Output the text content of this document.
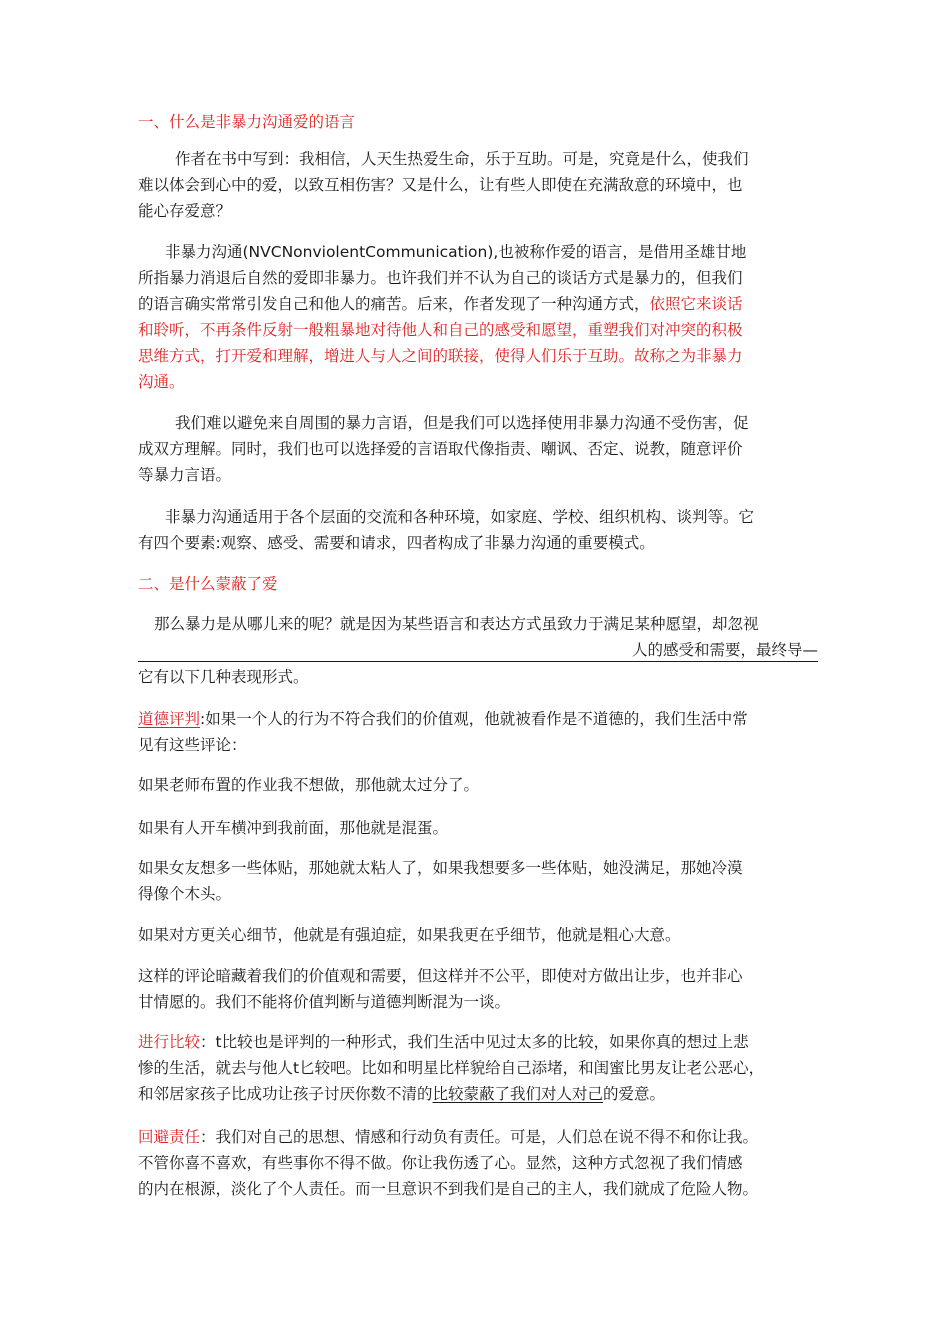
一、什么是非暴力沟通爱的语言
作者在书中写到：我相信，人天生热爱生命，乐于互助。可是，究竟是什么，使我们
难以体会到心中的爱，以致互相伤害？又是什么，让有些人即使在充满敌意的环境中，也
能心存爱意？
非暴力沟通(NVCNonviolentCommunication),也被称作爱的语言，是借用圣雄甘地
所指暴力消退后自然的爱即非暴力。也许我们并不认为自己的谈话方式是暴力的，但我们
的语言确实常常引发自己和他人的痛苦。后来，作者发现了一种沟通方式，依照它来谈话
和聆听，不再条件反射一般粗暴地对待他人和自己的感受和愿望，重塑我们对冲突的积极
思维方式，打开爱和理解，增进人与人之间的联接，使得人们乐于互助。故称之为非暴力
沟通。
我们难以避免来自周围的暴力言语，但是我们可以选择使用非暴力沟通不受伤害，促
成双方理解。同时，我们也可以选择爱的言语取代像指责、嘲讽、否定、说教，随意评价
等暴力言语。
非暴力沟通适用于各个层面的交流和各种环境，如家庭、学校、组织机构、谈判等。它
有四个要素:观察、感受、需要和请求，四者构成了非暴力沟通的重要模式。
二、是什么蒙蔽了爱
那么暴力是从哪儿来的呢？就是因为某些语言和表达方式虽致力于满足某种愿望，却忽视
人的感受和需要，最终导—
它有以下几种表现形式。
道德评判:如果一个人的行为不符合我们的价值观，他就被看作是不道德的，我们生活中常
见有这些评论：
如果老师布置的作业我不想做，那他就太过分了。
如果有人开车横冲到我前面，那他就是混蛋。
如果女友想多一些体贴，那她就太粘人了，如果我想要多一些体贴，她没满足，那她冷漠
得像个木头。
如果对方更关心细节，他就是有强迫症，如果我更在乎细节，他就是粗心大意。
这样的评论暗藏着我们的价值观和需要，但这样并不公平，即使对方做出让步，也并非心
甘情愿的。我们不能将价值判断与道德判断混为一谈。
进行比较：t比较也是评判的一种形式，我们生活中见过太多的比较，如果你真的想过上悲
惨的生活，就去与他人t匕较吧。比如和明星比样貌给自己添堵，和闺蜜比男友让老公恶心，
和邻居家孩子比成功让孩子讨厌你数不清的比较蒙蔽了我们对人对己的爱意。
回避责任：我们对自己的思想、情感和行动负有责任。可是，人们总在说不得不和你让我。
不管你喜不喜欢，有些事你不得不做。你让我伤透了心。显然，这种方式忽视了我们情感
的内在根源，淡化了个人责任。而一旦意识不到我们是自己的主人，我们就成了危险人物。
